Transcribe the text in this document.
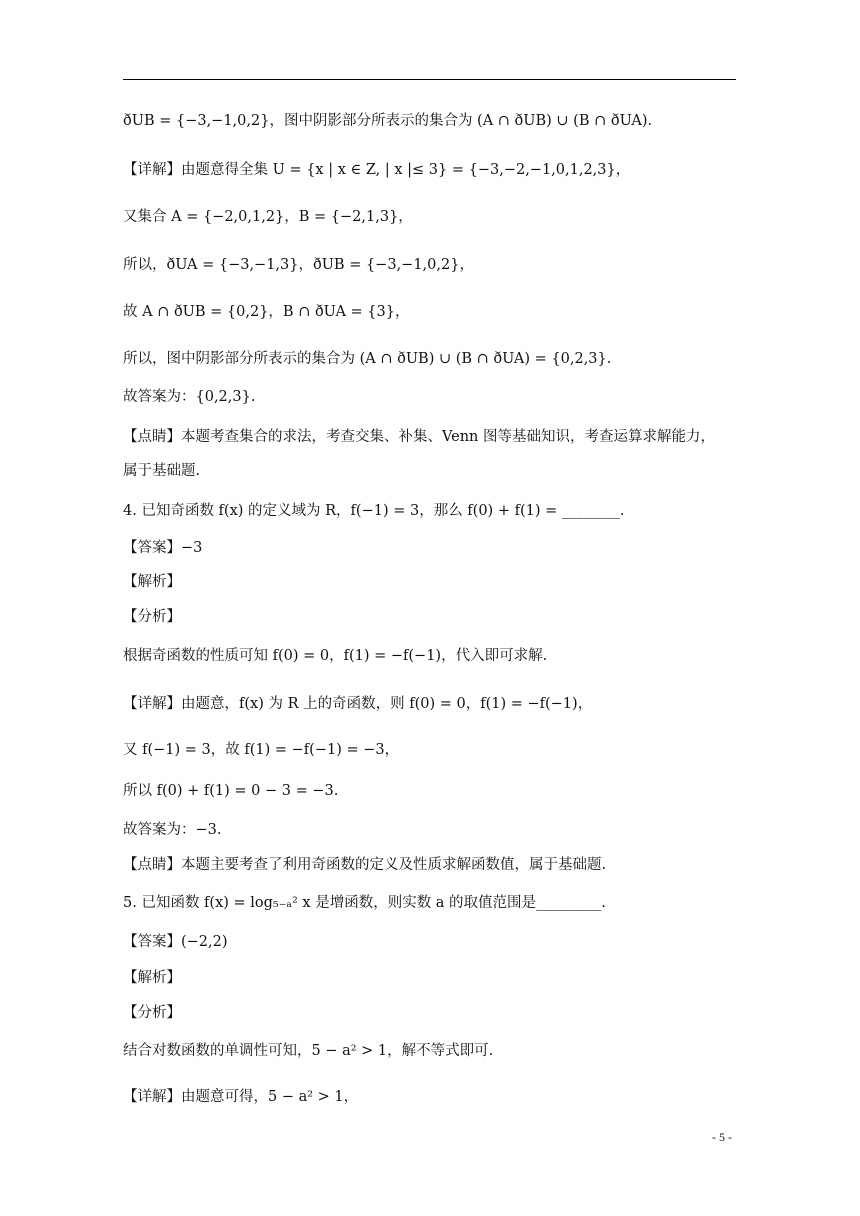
ðUB = {−3,−1,0,2}，图中阴影部分所表示的集合为 (A ∩ ðUB) ∪ (B ∩ ðUA).
【详解】由题意得全集 U = {x | x ∈ Z, | x |≤ 3} = {−3,−2,−1,0,1,2,3}，
又集合 A = {−2,0,1,2}，B = {−2,1,3}，
所以，ðUA = {−3,−1,3}，ðUB = {−3,−1,0,2}，
故 A ∩ ðUB = {0,2}，B ∩ ðUA = {3}，
所以，图中阴影部分所表示的集合为 (A ∩ ðUB) ∪ (B ∩ ðUA) = {0,2,3}.
故答案为：{0,2,3}.
【点睛】本题考查集合的求法，考查交集、补集、Venn 图等基础知识，考查运算求解能力，
属于基础题.
4. 已知奇函数 f(x) 的定义域为 R，f(−1) = 3，那么 f(0) + f(1) = ________.
【答案】−3
【解析】
【分析】
根据奇函数的性质可知 f(0) = 0，f(1) = −f(−1)，代入即可求解.
【详解】由题意，f(x) 为 R 上的奇函数，则 f(0) = 0，f(1) = −f(−1)，
又 f(−1) = 3，故 f(1) = −f(−1) = −3，
所以 f(0) + f(1) = 0 − 3 = −3.
故答案为：−3.
【点睛】本题主要考查了利用奇函数的定义及性质求解函数值，属于基础题.
5. 已知函数 f(x) = log₅₋ₐ² x 是增函数，则实数 a 的取值范围是_________.
【答案】(−2,2)
【解析】
【分析】
结合对数函数的单调性可知，5 − a² > 1，解不等式即可.
【详解】由题意可得，5 − a² > 1，
- 5 -
